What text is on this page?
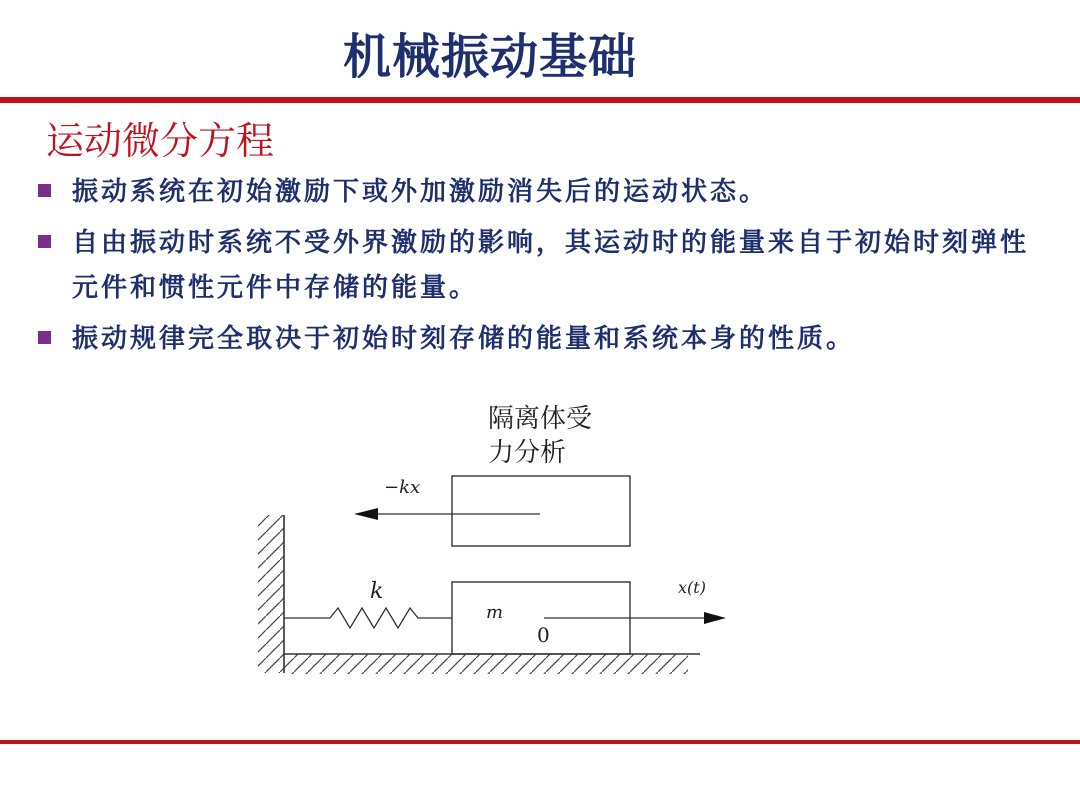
机械振动基础
运动微分方程
振动系统在初始激励下或外加激励消失后的运动状态。
自由振动时系统不受外界激励的影响，其运动时的能量来自于初始时刻弹性元件和惯性元件中存储的能量。
振动规律完全取决于初始时刻存储的能量和系统本身的性质。
隔离体受
力分析
−kx
k
m
0
x(t)
